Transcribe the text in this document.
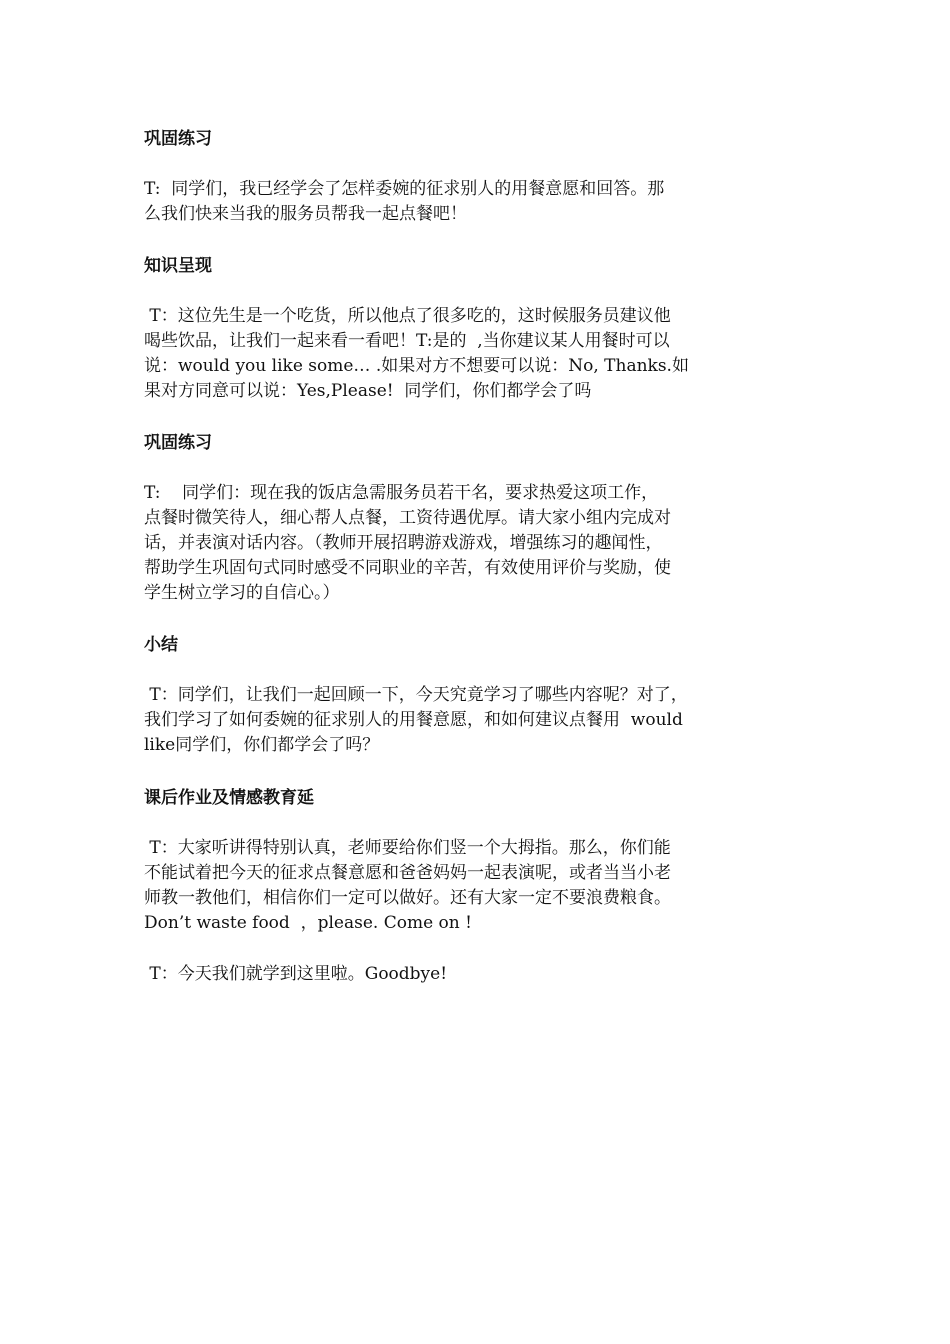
巩固练习
T:  同学们，我已经学会了怎样委婉的征求别人的用餐意愿和回答。那
么我们快来当我的服务员帮我一起点餐吧！
知识呈现
T：这位先生是一个吃货，所以他点了很多吃的，这时候服务员建议他
喝些饮品，让我们一起来看一看吧！T:是的  ,当你建议某人用餐时可以
说：would you like some… .如果对方不想要可以说：No, Thanks.如
果对方同意可以说：Yes,Please!  同学们，你们都学会了吗
巩固练习
T:    同学们：现在我的饭店急需服务员若干名，要求热爱这项工作，
点餐时微笑待人，细心帮人点餐，工资待遇优厚。请大家小组内完成对
话，并表演对话内容。（教师开展招聘游戏游戏，增强练习的趣闻性，
帮助学生巩固句式同时感受不同职业的辛苦，有效使用评价与奖励，使
学生树立学习的自信心。）
小结
T：同学们，让我们一起回顾一下，今天究竟学习了哪些内容呢？对了，
我们学习了如何委婉的征求别人的用餐意愿，和如何建议点餐用  would
like同学们，你们都学会了吗？
课后作业及情感教育延
T：大家听讲得特别认真，老师要给你们竖一个大拇指。那么，你们能
不能试着把今天的征求点餐意愿和爸爸妈妈一起表演呢，或者当当小老
师教一教他们，相信你们一定可以做好。还有大家一定不要浪费粮食。
Don’t waste food  ，please. Come on !
T：今天我们就学到这里啦。Goodbye!
